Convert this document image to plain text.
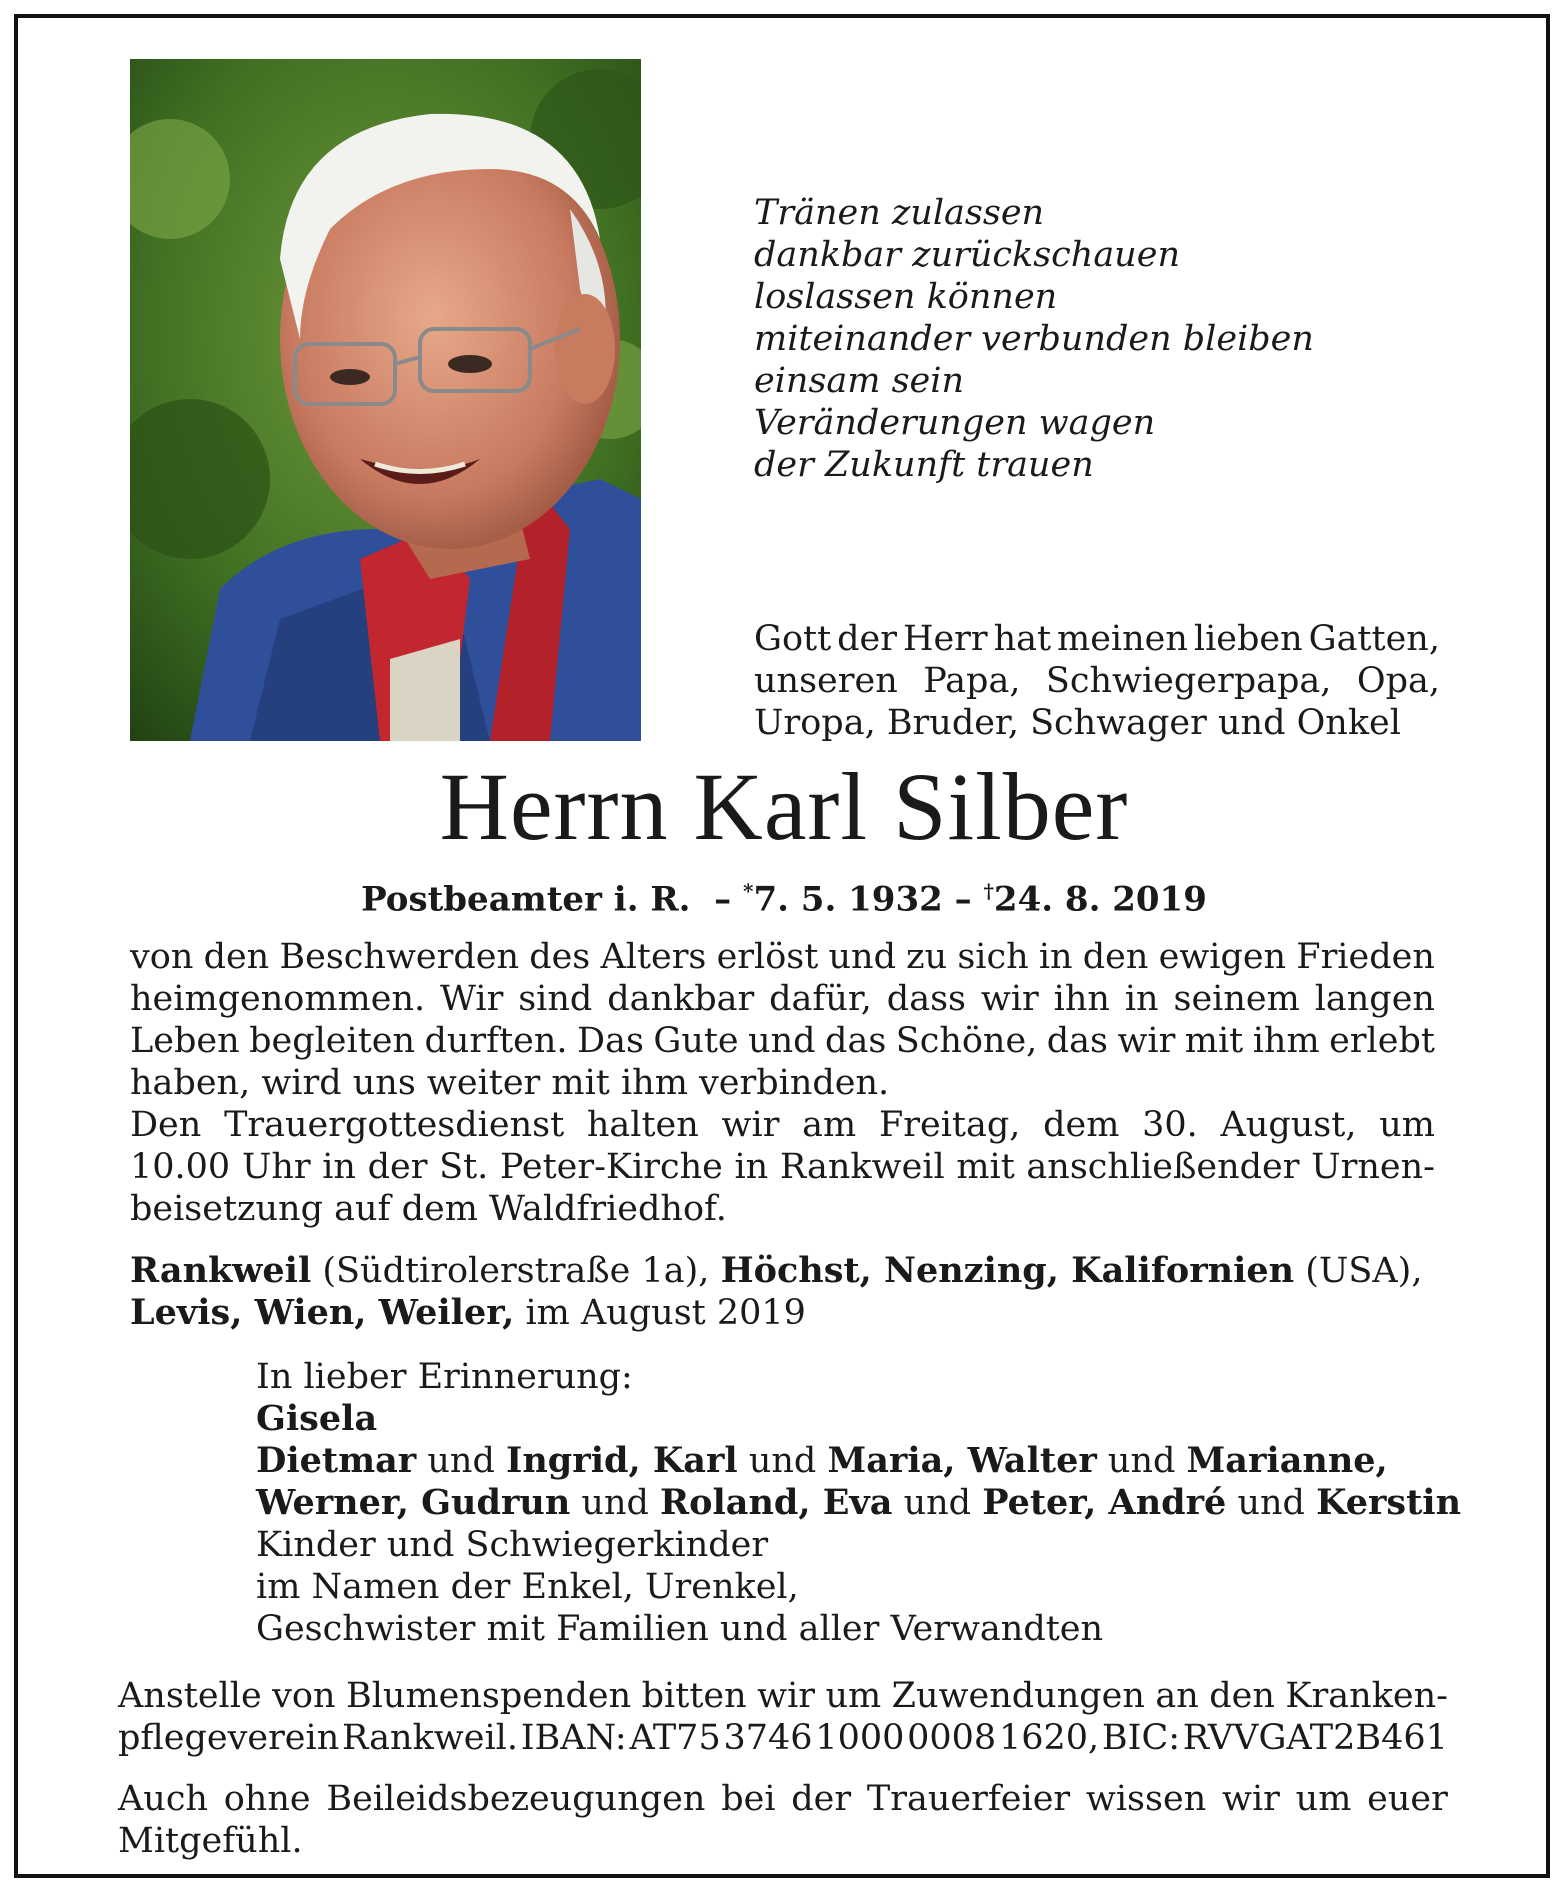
Tränen zulassen
dankbar zurückschauen
loslassen können
miteinander verbunden bleiben
einsam sein
Veränderungen wagen
der Zukunft trauen
Gott der Herr hat meinen lieben Gatten,
unseren Papa, Schwiegerpapa, Opa,
Uropa, Bruder, Schwager und Onkel
Herrn Karl Silber
Postbeamter i. R. – *7. 5. 1932 – †24. 8. 2019
von den Beschwerden des Alters erlöst und zu sich in den ewigen Frieden
heimgenommen. Wir sind dankbar dafür, dass wir ihn in seinem langen
Leben begleiten durften. Das Gute und das Schöne, das wir mit ihm erlebt
haben, wird uns weiter mit ihm verbinden.
Den Trauergottesdienst halten wir am Freitag, dem 30. August, um
10.00 Uhr in der St. Peter-Kirche in Rankweil mit anschließender Urnen-
beisetzung auf dem Waldfriedhof.
Rankweil (Südtirolerstraße 1a), Höchst, Nenzing, Kalifornien (USA),
Levis, Wien, Weiler, im August 2019
In lieber Erinnerung:
Gisela
Dietmar und Ingrid, Karl und Maria, Walter und Marianne,
Werner, Gudrun und Roland, Eva und Peter, André und Kerstin
Kinder und Schwiegerkinder
im Namen der Enkel, Urenkel,
Geschwister mit Familien und aller Verwandten
Anstelle von Blumenspenden bitten wir um Zuwendungen an den Kranken-
pflegeverein Rankweil. IBAN: AT75 3746 1000 0008 1620, BIC: RVVGAT2B461
Auch ohne Beileidsbezeugungen bei der Trauerfeier wissen wir um euer
Mitgefühl.
